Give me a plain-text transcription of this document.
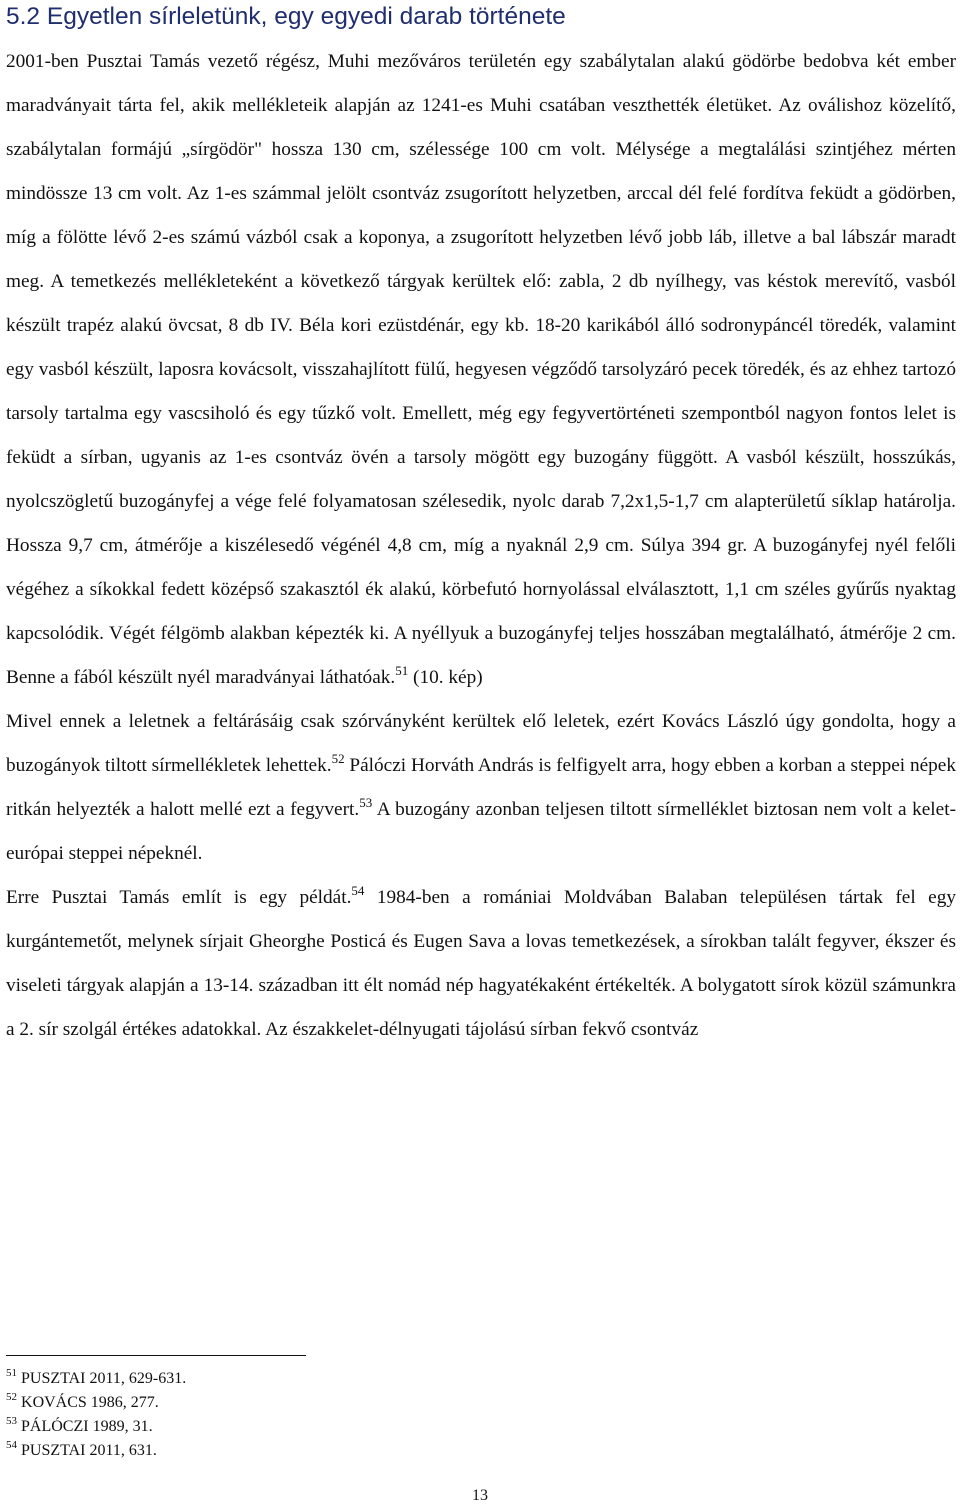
5.2 Egyetlen sírleletünk, egy egyedi darab története

2001-ben Pusztai Tamás vezető régész, Muhi mezőváros területén egy szabálytalan alakú gödörbe bedobva két ember maradványait tárta fel, akik mellékleteik alapján az 1241-es Muhi csatában veszthették életüket. Az oválishoz közelítő, szabálytalan formájú „sírgödör" hossza 130 cm, szélessége 100 cm volt. Mélysége a megtalálási szintjéhez mérten mindössze 13 cm volt. Az 1-es számmal jelölt csontváz zsugorított helyzetben, arccal dél felé fordítva feküdt a gödörben, míg a fölötte lévő 2-es számú vázból csak a koponya, a zsugorított helyzetben lévő jobb láb, illetve a bal lábszár maradt meg. A temetkezés mellékleteként a következő tárgyak kerültek elő: zabla, 2 db nyílhegy, vas késtok merevítő, vasból készült trapéz alakú övcsat, 8 db IV. Béla kori ezüstdénár, egy kb. 18-20 karikából álló sodronypáncél töredék, valamint egy vasból készült, laposra kovácsolt, visszahajlított fülű, hegyesen végződő tarsolyzáró pecek töredék, és az ehhez tartozó tarsoly tartalma egy vascsiholó és egy tűzkő volt. Emellett, még egy fegyvertörténeti szempontból nagyon fontos lelet is feküdt a sírban, ugyanis az 1-es csontváz övén a tarsoly mögött egy buzogány függött. A vasból készült, hosszúkás, nyolcszögletű buzogányfej a vége felé folyamatosan szélesedik, nyolc darab 7,2x1,5-1,7 cm alapterületű síklap határolja. Hossza 9,7 cm, átmérője a kiszélesedő végénél 4,8 cm, míg a nyaknál 2,9 cm. Súlya 394 gr. A buzogányfej nyél felőli végéhez a síkokkal fedett középső szakasztól ék alakú, körbefutó hornyolással elválasztott, 1,1 cm széles gyűrűs nyaktag kapcsolódik. Végét félgömb alakban képezték ki. A nyéllyuk a buzogányfej teljes hosszában megtalálható, átmérője 2 cm. Benne a fából készült nyél maradványai láthatóak.$^{51}$ (10. kép)

Mivel ennek a leletnek a feltárásáig csak szórványként kerültek elő leletek, ezért Kovács László úgy gondolta, hogy a buzogányok tiltott sírmellékletek lehettek.$^{52}$ Pálóczi Horváth András is felfigyelt arra, hogy ebben a korban a steppei népek ritkán helyezték a halott mellé ezt a fegyvert.$^{53}$ A buzogány azonban teljesen tiltott sírmelléklet biztosan nem volt a kelet-európai steppei népeknél.

Erre Pusztai Tamás említ is egy példát.$^{54}$ 1984-ben a romániai Moldvában Balaban településen tártak fel egy kurgántemetőt, melynek sírjait Gheorghe Posticá és Eugen Sava a lovas temetkezések, a sírokban talált fegyver, ékszer és viseleti tárgyak alapján a 13-14. században itt élt nomád nép hagyatékaként értékelték. A bolygatott sírok közül számunkra a 2. sír szolgál értékes adatokkal. Az északkelet-délnyugati tájolású sírban fekvő csontváz

$^{51}$ PUSZTAI 2011, 629-631.
$^{52}$ KOVÁCS 1986, 277.
$^{53}$ PÁLÓCZI 1989, 31.
$^{54}$ PUSZTAI 2011, 631.
13
